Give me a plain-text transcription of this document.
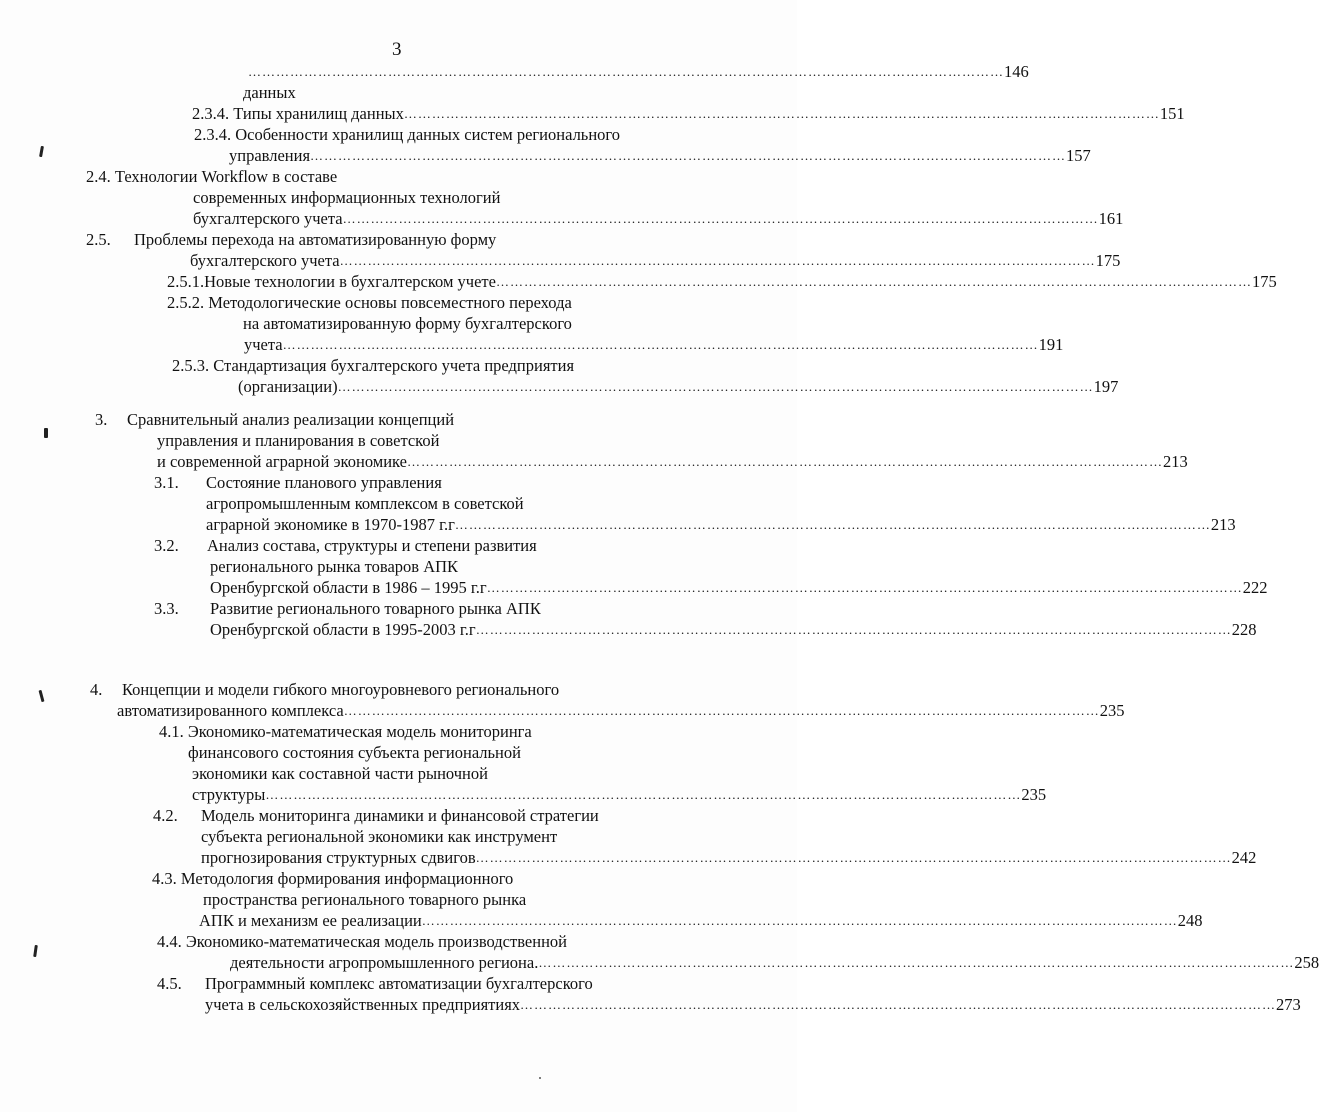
3
……………………………………………………………………………………………………………………………………………… 146
данных
2.3.4. Типы хранилищ данных ……………………………………………………………………………………………………………………………………………… 151
2.3.4. Особенности хранилищ данных систем регионального
управления ……………………………………………………………………………………………………………………………………………… 157
2.4. Технологии Workflow в составе
современных информационных технологий
бухгалтерского учета ……………………………………………………………………………………………………………………………………………… 161
2.5. Проблемы перехода на автоматизированную форму
бухгалтерского учета ……………………………………………………………………………………………………………………………………………… 175
2.5.1.Новые технологии в бухгалтерском учете ……………………………………………………………………………………………………………………………………………… 175
2.5.2. Методологические основы повсеместного перехода
на автоматизированную форму бухгалтерского
учета ……………………………………………………………………………………………………………………………………………… 191
2.5.3. Стандартизация бухгалтерского учета предприятия
(организации) ……………………………………………………………………………………………………………………………………………… 197
3. Сравнительный анализ реализации концепций
управления и планирования в советской
и современной аграрной экономике ……………………………………………………………………………………………………………………………………………… 213
3.1. Состояние планового управления
агропромышленным комплексом в советской
аграрной экономике в 1970-1987 г.г ……………………………………………………………………………………………………………………………………………… 213
3.2. Анализ состава, структуры и степени развития
регионального рынка товаров АПК
Оренбургской области в 1986 – 1995 г.г ……………………………………………………………………………………………………………………………………………… 222
3.3. Развитие регионального товарного рынка АПК
Оренбургской области в 1995-2003 г.г ……………………………………………………………………………………………………………………………………………… 228
4. Концепции и модели гибкого многоуровневого регионального
автоматизированного комплекса ……………………………………………………………………………………………………………………………………………… 235
4.1. Экономико-математическая модель мониторинга
финансового состояния субъекта региональной
экономики как составной части рыночной
структуры ……………………………………………………………………………………………………………………………………………… 235
4.2. Модель мониторинга динамики и финансовой стратегии
субъекта региональной экономики как инструмент
прогнозирования структурных сдвигов ……………………………………………………………………………………………………………………………………………… 242
4.3. Методология формирования информационного
пространства регионального товарного рынка
АПК и механизм ее реализации ……………………………………………………………………………………………………………………………………………… 248
4.4. Экономико-математическая модель производственной
деятельности агропромышленного региона. ……………………………………………………………………………………………………………………………………………… 258
4.5. Программный комплекс автоматизации бухгалтерского
учета в сельскохозяйственных предприятиях ……………………………………………………………………………………………………………………………………………… 273
